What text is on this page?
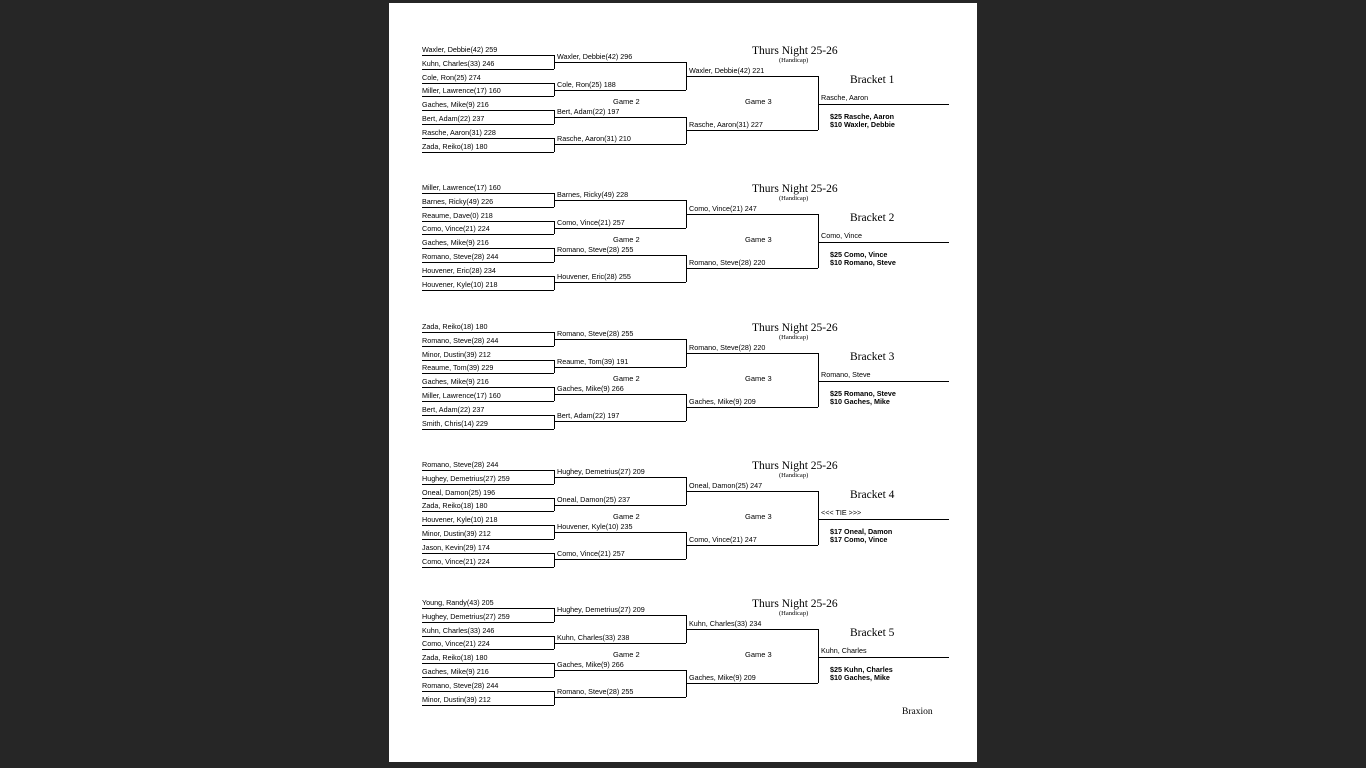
Waxler, Debbie(42) 259
Kuhn, Charles(33) 246
Cole, Ron(25) 274
Miller, Lawrence(17) 160
Gaches, Mike(9) 216
Bert, Adam(22) 237
Rasche, Aaron(31) 228
Zada, Reiko(18) 180
Waxler, Debbie(42) 296
Cole, Ron(25) 188
Bert, Adam(22) 197
Rasche, Aaron(31) 210
Waxler, Debbie(42) 221
Rasche, Aaron(31) 227
Rasche, Aaron
Thurs Night 25-26
(Handicap)
Bracket 1
Game 2	Game 3
$25 Rasche, Aaron
$10 Waxler, Debbie
Miller, Lawrence(17) 160
Barnes, Ricky(49) 226
Reaume, Dave(0) 218
Como, Vince(21) 224
Gaches, Mike(9) 216
Romano, Steve(28) 244
Houvener, Eric(28) 234
Houvener, Kyle(10) 218
Barnes, Ricky(49) 228
Como, Vince(21) 257
Romano, Steve(28) 255
Houvener, Eric(28) 255
Como, Vince(21) 247
Romano, Steve(28) 220
Como, Vince
Thurs Night 25-26
(Handicap)
Bracket 2
Game 2	Game 3
$25 Como, Vince
$10 Romano, Steve
Zada, Reiko(18) 180
Romano, Steve(28) 244
Minor, Dustin(39) 212
Reaume, Tom(39) 229
Gaches, Mike(9) 216
Miller, Lawrence(17) 160
Bert, Adam(22) 237
Smith, Chris(14) 229
Romano, Steve(28) 255
Reaume, Tom(39) 191
Gaches, Mike(9) 266
Bert, Adam(22) 197
Romano, Steve(28) 220
Gaches, Mike(9) 209
Romano, Steve
Thurs Night 25-26
(Handicap)
Bracket 3
Game 2	Game 3
$25 Romano, Steve
$10 Gaches, Mike
Romano, Steve(28) 244
Hughey, Demetrius(27) 259
Oneal, Damon(25) 196
Zada, Reiko(18) 180
Houvener, Kyle(10) 218
Minor, Dustin(39) 212
Jason, Kevin(29) 174
Como, Vince(21) 224
Hughey, Demetrius(27) 209
Oneal, Damon(25) 237
Houvener, Kyle(10) 235
Como, Vince(21) 257
Oneal, Damon(25) 247
Como, Vince(21) 247
<<< TIE >>>
Thurs Night 25-26
(Handicap)
Bracket 4
Game 2	Game 3
$17 Oneal, Damon
$17 Como, Vince
Young, Randy(43) 205
Hughey, Demetrius(27) 259
Kuhn, Charles(33) 246
Como, Vince(21) 224
Zada, Reiko(18) 180
Gaches, Mike(9) 216
Romano, Steve(28) 244
Minor, Dustin(39) 212
Hughey, Demetrius(27) 209
Kuhn, Charles(33) 238
Gaches, Mike(9) 266
Romano, Steve(28) 255
Kuhn, Charles(33) 234
Gaches, Mike(9) 209
Kuhn, Charles
Thurs Night 25-26
(Handicap)
Bracket 5
Game 2	Game 3
$25 Kuhn, Charles
$10 Gaches, Mike
Braxion
